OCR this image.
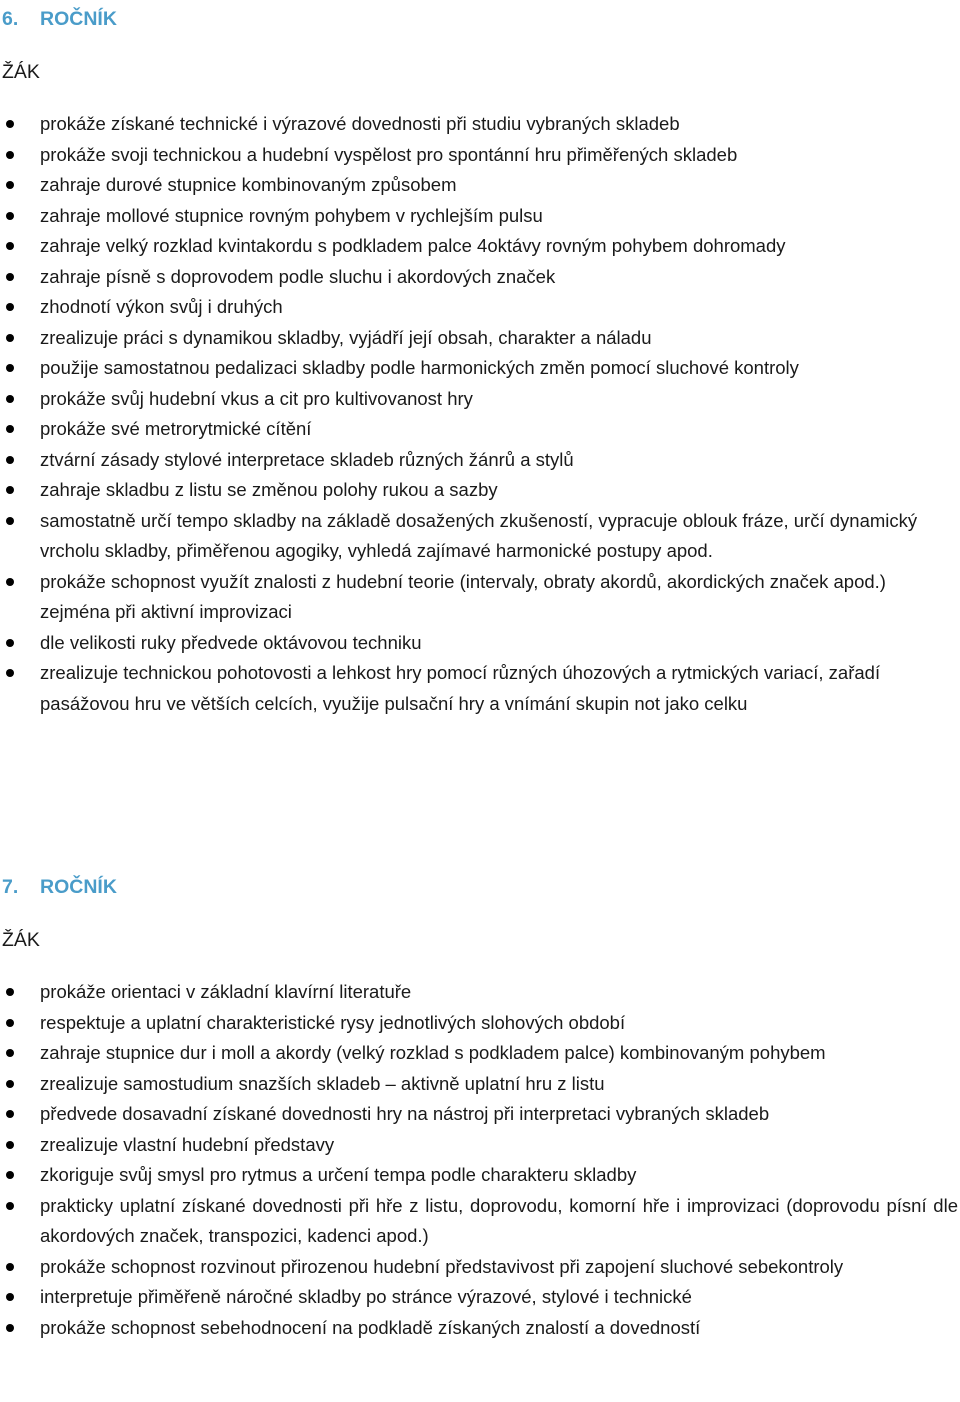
6. ROČNÍK
ŽÁK
prokáže získané technické i výrazové dovednosti při studiu vybraných skladeb
prokáže svoji technickou a hudební vyspělost pro spontánní hru přiměřených skladeb
zahraje durové stupnice kombinovaným způsobem
zahraje mollové stupnice rovným pohybem v rychlejším pulsu
zahraje velký rozklad kvintakordu s podkladem palce 4oktávy rovným pohybem dohromady
zahraje písně s doprovodem podle sluchu i akordových značek
zhodnotí výkon svůj i druhých
zrealizuje práci s dynamikou skladby, vyjádří její obsah, charakter a náladu
použije samostatnou pedalizaci skladby podle harmonických změn pomocí sluchové kontroly
prokáže svůj hudební vkus a cit pro kultivovanost hry
prokáže své metrorytmické cítění
ztvární zásady stylové interpretace skladeb různých žánrů a stylů
zahraje skladbu z listu se změnou polohy rukou a sazby
samostatně určí tempo skladby na základě dosažených zkušeností, vypracuje oblouk fráze, určí dynamický vrcholu skladby, přiměřenou agogiky, vyhledá zajímavé harmonické postupy apod.
prokáže schopnost využít znalosti z hudební teorie (intervaly, obraty akordů, akordických značek apod.) zejména při aktivní improvizaci
dle velikosti ruky předvede oktávovou techniku
zrealizuje technickou pohotovosti a lehkost hry pomocí různých úhozových a rytmických variací, zařadí pasážovou hru ve větších celcích, využije pulsační hry a vnímání skupin not jako celku
7. ROČNÍK
ŽÁK
prokáže orientaci v základní klavírní literatuře
respektuje a uplatní charakteristické rysy jednotlivých slohových období
zahraje stupnice dur i moll a akordy (velký rozklad s podkladem palce) kombinovaným pohybem
zrealizuje samostudium snazších skladeb – aktivně uplatní hru z listu
předvede dosavadní získané dovednosti hry na nástroj při interpretaci vybraných skladeb
zrealizuje vlastní hudební představy
zkoriguje svůj smysl pro rytmus a určení tempa podle charakteru skladby
prakticky uplatní získané dovednosti při hře z listu, doprovodu, komorní hře i improvizaci (doprovodu písní dle akordových značek, transpozici, kadenci apod.)
prokáže schopnost rozvinout přirozenou hudební představivost při zapojení sluchové sebekontroly
interpretuje přiměřeně náročné skladby po stránce výrazové, stylové i technické
prokáže schopnost sebehodnocení na podkladě získaných znalostí a dovedností
